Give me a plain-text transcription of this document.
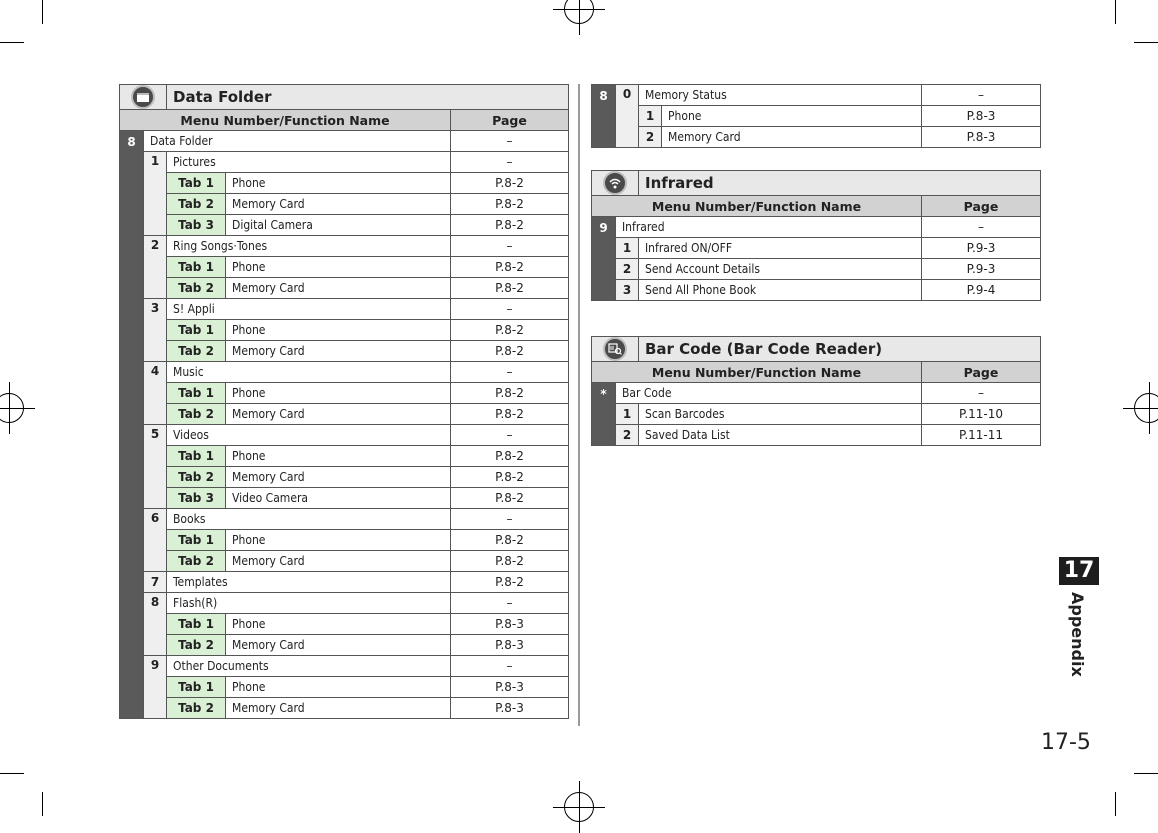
	Data Folder		
Menu Number/Function Name				Page
8	Data Folder			–
	1	Pictures		–
		Tab 1	Phone	P.8-2
		Tab 2	Memory Card	P.8-2
		Tab 3	Digital Camera	P.8-2
	2	Ring Songs·Tones		–
		Tab 1	Phone	P.8-2
		Tab 2	Memory Card	P.8-2
	3	S! Appli		–
		Tab 1	Phone	P.8-2
		Tab 2	Memory Card	P.8-2
	4	Music		–
		Tab 1	Phone	P.8-2
		Tab 2	Memory Card	P.8-2
	5	Videos		–
		Tab 1	Phone	P.8-2
		Tab 2	Memory Card	P.8-2
		Tab 3	Video Camera	P.8-2
	6	Books		–
		Tab 1	Phone	P.8-2
		Tab 2	Memory Card	P.8-2
	7	Templates		P.8-2
	8	Flash(R)		–
		Tab 1	Phone	P.8-3
		Tab 2	Memory Card	P.8-3
	9	Other Documents		–
		Tab 1	Phone	P.8-3
		Tab 2	Memory Card	P.8-3
8	0	Memory Status		–
		1	Phone	P.8-3
		2	Memory Card	P.8-3
	Infrared	
Menu Number/Function Name			Page
9	Infrared		–
	1	Infrared ON/OFF	P.9-3
	2	Send Account Details	P.9-3
	3	Send All Phone Book	P.9-4
	Bar Code (Bar Code Reader)	
Menu Number/Function Name			Page
*	Bar Code		–
	1	Scan Barcodes	P.11-10
	2	Saved Data List	P.11-11
17
Appendix
17-5
